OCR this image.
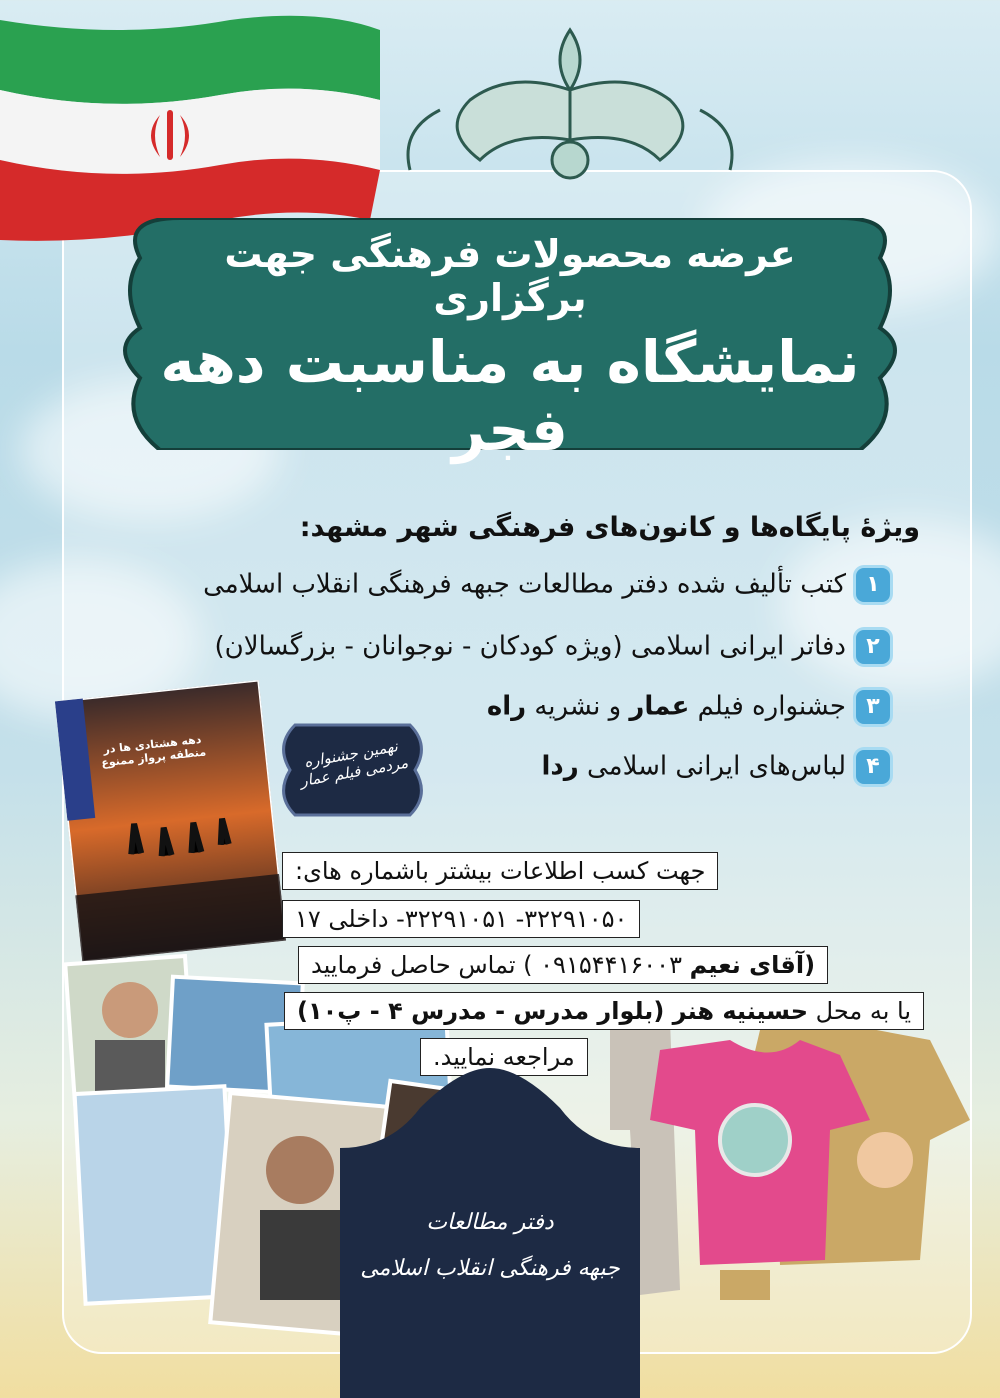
عرضه محصولات فرهنگی جهت برگزاری
نمایشگاه به مناسبت دهه فجر
ویژهٔ پایگاه‌ها و کانون‌های فرهنگی شهر مشهد:
۱کتب تألیف شده دفتر مطالعات جبهه فرهنگی انقلاب اسلامی
۲دفاتر ایرانی اسلامی (ویژه کودکان - نوجوانان - بزرگسالان)
۳جشنواره فیلم عمار و نشریه راه
۴لباس‌های ایرانی اسلامی ردا
نهمین جشنواره مردمی فیلم عمار
دهه هشتادی ها در منطقه پرواز ممنوع
جهت کسب اطلاعات بیشتر باشماره های:
۳۲۲۹۱۰۵۰- ۳۲۲۹۱۰۵۱- داخلی ۱۷
(آقای نعیم ۰۹۱۵۴۴۱۶۰۰۳ ) تماس حاصل فرمایید
یا به محل حسینیه هنر (بلوار مدرس - مدرس ۴ - پ۱۰)
مراجعه نمایید.
دفتر مطالعات
جبهه فرهنگی انقلاب اسلامی
